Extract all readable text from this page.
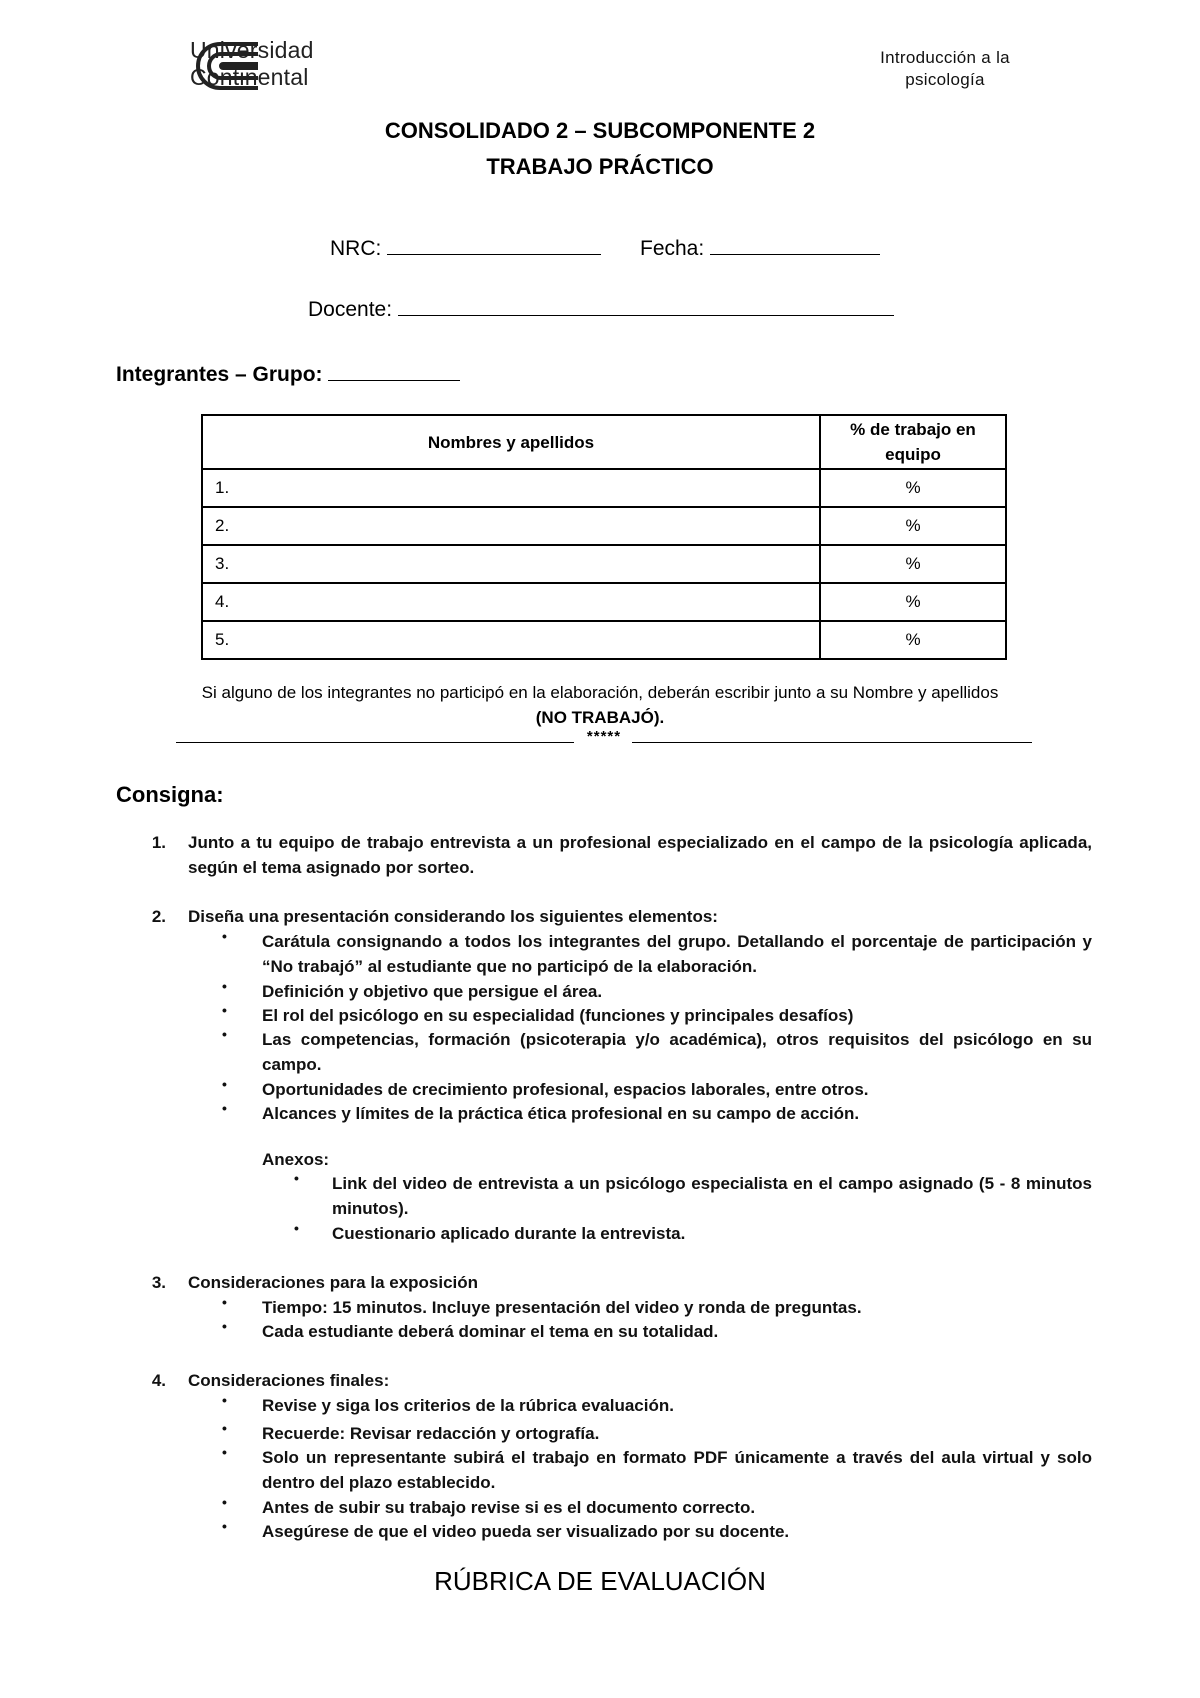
Universidad
Continental
Introducción a la
psicología
CONSOLIDADO 2 – SUBCOMPONENTE 2
TRABAJO PRÁCTICO
NRC:	Fecha:
Docente:
Integrantes – Grupo:
Nombres y apellidos	% de trabajo en
equipo

1.	%
2.	%
3.	%
4.	%
5.	%
Si alguno de los integrantes no participó en la elaboración, deberán escribir junto a su Nombre y apellidos
(NO TRABAJÓ).
*****
Consigna:
1. Junto a tu equipo de trabajo entrevista a un profesional especializado en el campo de la psicología aplicada, según el tema asignado por sorteo.
2. Diseña una presentación considerando los siguientes elementos:
• Carátula consignando a todos los integrantes del grupo. Detallando el porcentaje de participación y “No trabajó” al estudiante que no participó de la elaboración.
• Definición y objetivo que persigue el área.
• El rol del psicólogo en su especialidad (funciones y principales desafíos)
• Las competencias, formación (psicoterapia y/o académica), otros requisitos del psicólogo en su campo.
• Oportunidades de crecimiento profesional, espacios laborales, entre otros.
• Alcances y límites de la práctica ética profesional en su campo de acción.
Anexos:
• Link del video de entrevista a un psicólogo especialista en el campo asignado (5 - 8 minutos minutos).
• Cuestionario aplicado durante la entrevista.
3. Consideraciones para la exposición
• Tiempo: 15 minutos. Incluye presentación del video y ronda de preguntas.
• Cada estudiante deberá dominar el tema en su totalidad.
4. Consideraciones finales:
• Revise y siga los criterios de la rúbrica evaluación.
• Recuerde: Revisar redacción y ortografía.
• Solo un representante subirá el trabajo en formato PDF únicamente a través del aula virtual y solo dentro del plazo establecido.
• Antes de subir su trabajo revise si es el documento correcto.
• Asegúrese de que el video pueda ser visualizado por su docente.
RÚBRICA DE EVALUACIÓN
